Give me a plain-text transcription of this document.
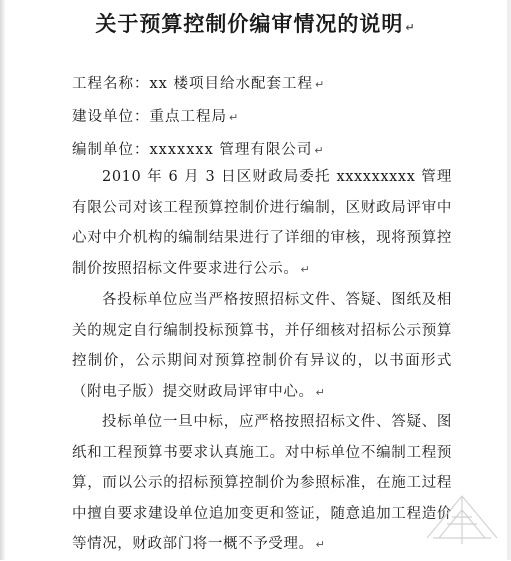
关于预算控制价编审情况的说明 ↵
工程名称：xx 楼项目给水配套工程 ↵
建设单位：重点工程局 ↵
编制单位：xxxxxxx 管理有限公司 ↵
2010 年 6 月 3 日区财政局委托 xxxxxxxxx 管理有限公司对该工程预算控制价进行编制，区财政局评审中心对中介机构的编制结果进行了详细的审核，现将预算控制价按照招标文件要求进行公示。 ↵
各投标单位应当严格按照招标文件、答疑、图纸及相关的规定自行编制投标预算书，并仔细核对招标公示预算控制价，公示期间对预算控制价有异议的，以书面形式（附电子版）提交财政局评审中心。 ↵
投标单位一旦中标，应严格按照招标文件、答疑、图纸和工程预算书要求认真施工。对中标单位不编制工程预算，而以公示的招标预算控制价为参照标准，在施工过程中擅自要求建设单位追加变更和签证，随意追加工程造价等情况，财政部门将一概不予受理。 ↵
